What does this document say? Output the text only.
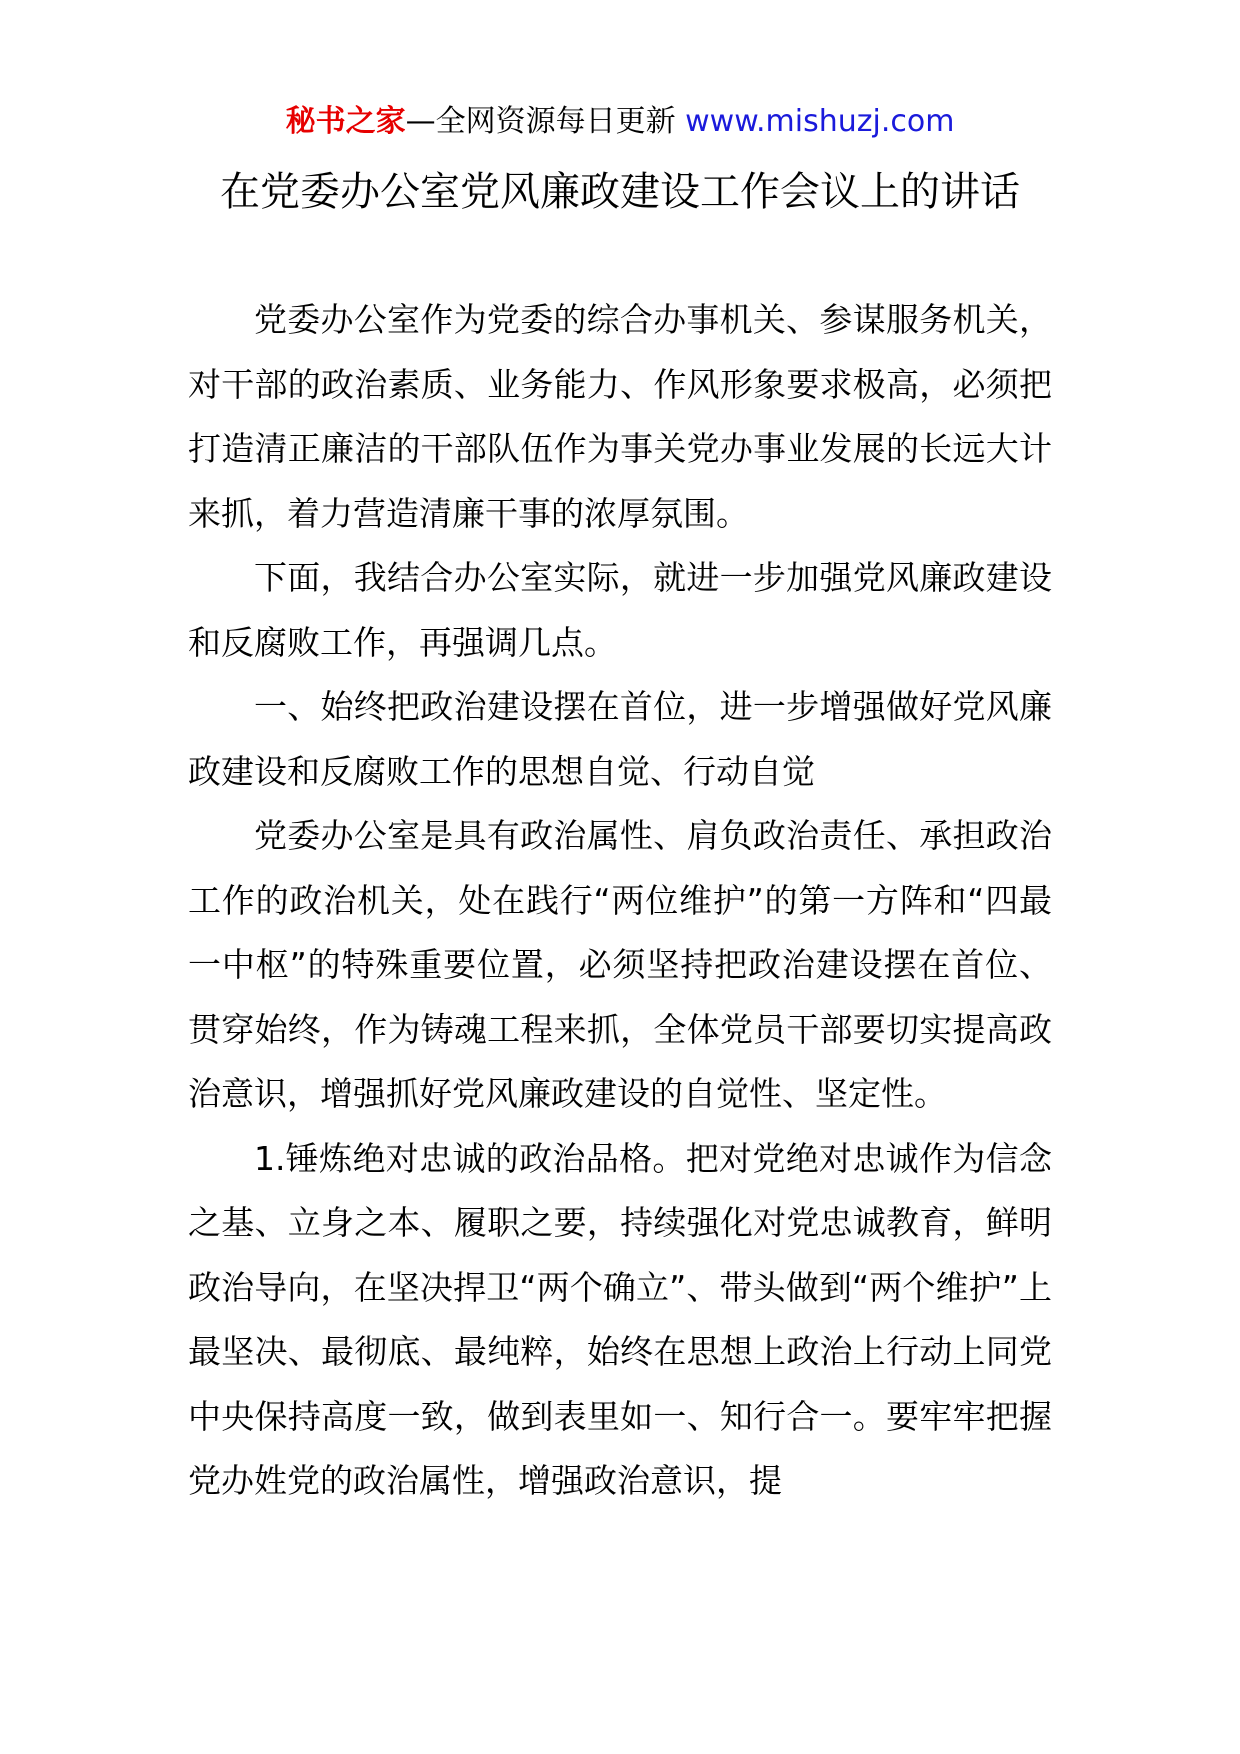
秘书之家—全网资源每日更新 www.mishuzj.com
在党委办公室党风廉政建设工作会议上的讲话

党委办公室作为党委的综合办事机关、参谋服务机关，对干部的政治素质、业务能力、作风形象要求极高，必须把打造清正廉洁的干部队伍作为事关党办事业发展的长远大计来抓，着力营造清廉干事的浓厚氛围。

下面，我结合办公室实际，就进一步加强党风廉政建设和反腐败工作，再强调几点。

一、始终把政治建设摆在首位，进一步增强做好党风廉政建设和反腐败工作的思想自觉、行动自觉

党委办公室是具有政治属性、肩负政治责任、承担政治工作的政治机关，处在践行“两位维护”的第一方阵和“四最一中枢”的特殊重要位置，必须坚持把政治建设摆在首位、贯穿始终，作为铸魂工程来抓，全体党员干部要切实提高政治意识，增强抓好党风廉政建设的自觉性、坚定性。

1.锤炼绝对忠诚的政治品格。把对党绝对忠诚作为信念之基、立身之本、履职之要，持续强化对党忠诚教育，鲜明政治导向，在坚决捍卫“两个确立”、带头做到“两个维护”上最坚决、最彻底、最纯粹，始终在思想上政治上行动上同党中央保持高度一致，做到表里如一、知行合一。要牢牢把握党办姓党的政治属性，增强政治意识，提
